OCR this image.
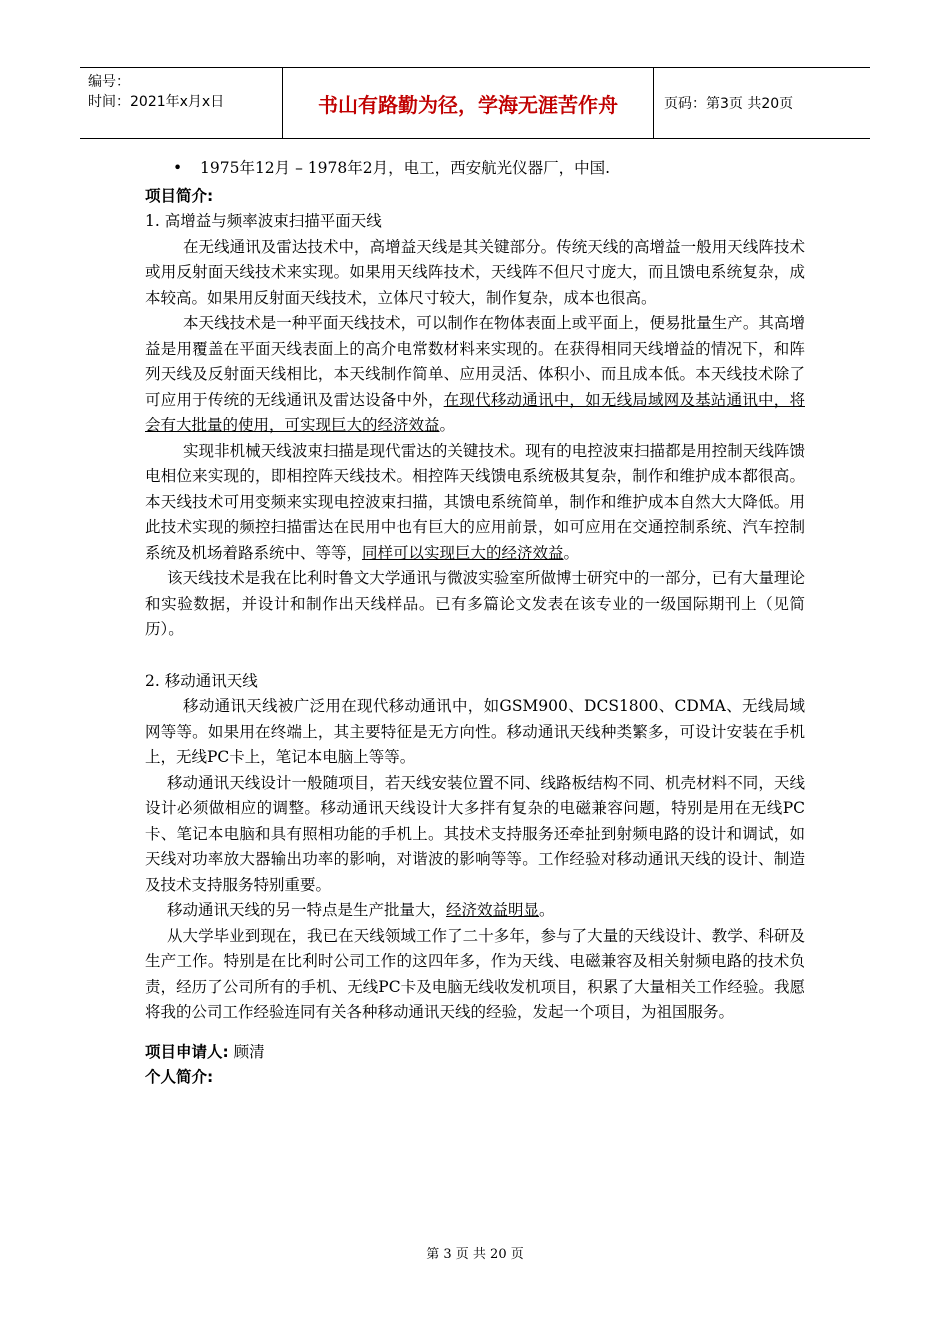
编号：
时间：2021年x月x日	书山有路勤为径，学海无涯苦作舟	页码：第3页 共20页

• 1975年12月 – 1978年2月，电工，西安航光仪器厂，中国.

项目简介:

1. 高增益与频率波束扫描平面天线

在无线通讯及雷达技术中，高增益天线是其关键部分。传统天线的高增益一般用天线阵技术或用反射面天线技术来实现。如果用天线阵技术，天线阵不但尺寸庞大，而且馈电系统复杂，成本较高。如果用反射面天线技术，立体尺寸较大，制作复杂，成本也很高。

本天线技术是一种平面天线技术，可以制作在物体表面上或平面上，便易批量生产。其高增益是用覆盖在平面天线表面上的高介电常数材料来实现的。在获得相同天线增益的情况下，和阵列天线及反射面天线相比，本天线制作简单、应用灵活、体积小、而且成本低。本天线技术除了可应用于传统的无线通讯及雷达设备中外，在现代移动通讯中，如无线局域网及基站通讯中，将会有大批量的使用，可实现巨大的经济效益。

实现非机械天线波束扫描是现代雷达的关键技术。现有的电控波束扫描都是用控制天线阵馈电相位来实现的，即相控阵天线技术。相控阵天线馈电系统极其复杂，制作和维护成本都很高。本天线技术可用变频来实现电控波束扫描，其馈电系统简单，制作和维护成本自然大大降低。用此技术实现的频控扫描雷达在民用中也有巨大的应用前景，如可应用在交通控制系统、汽车控制系统及机场着路系统中、等等，同样可以实现巨大的经济效益。

该天线技术是我在比利时鲁文大学通讯与微波实验室所做博士研究中的一部分，已有大量理论和实验数据，并设计和制作出天线样品。已有多篇论文发表在该专业的一级国际期刊上（见简历）。

2. 移动通讯天线

移动通讯天线被广泛用在现代移动通讯中，如GSM900、DCS1800、CDMA、无线局域网等等。如果用在终端上，其主要特征是无方向性。移动通讯天线种类繁多，可设计安装在手机上，无线PC卡上，笔记本电脑上等等。

移动通讯天线设计一般随项目，若天线安装位置不同、线路板结构不同、机壳材料不同，天线设计必须做相应的调整。移动通讯天线设计大多拌有复杂的电磁兼容问题，特别是用在无线PC卡、笔记本电脑和具有照相功能的手机上。其技术支持服务还牵扯到射频电路的设计和调试，如天线对功率放大器输出功率的影响，对谐波的影响等等。工作经验对移动通讯天线的设计、制造及技术支持服务特别重要。

移动通讯天线的另一特点是生产批量大，经济效益明显。

从大学毕业到现在，我已在天线领域工作了二十多年，参与了大量的天线设计、教学、科研及生产工作。特别是在比利时公司工作的这四年多，作为天线、电磁兼容及相关射频电路的技术负责，经历了公司所有的手机、无线PC卡及电脑无线收发机项目，积累了大量相关工作经验。我愿将我的公司工作经验连同有关各种移动通讯天线的经验，发起一个项目，为祖国服务。

项目申请人: 顾清

个人简介:

第 3 页 共 20 页
